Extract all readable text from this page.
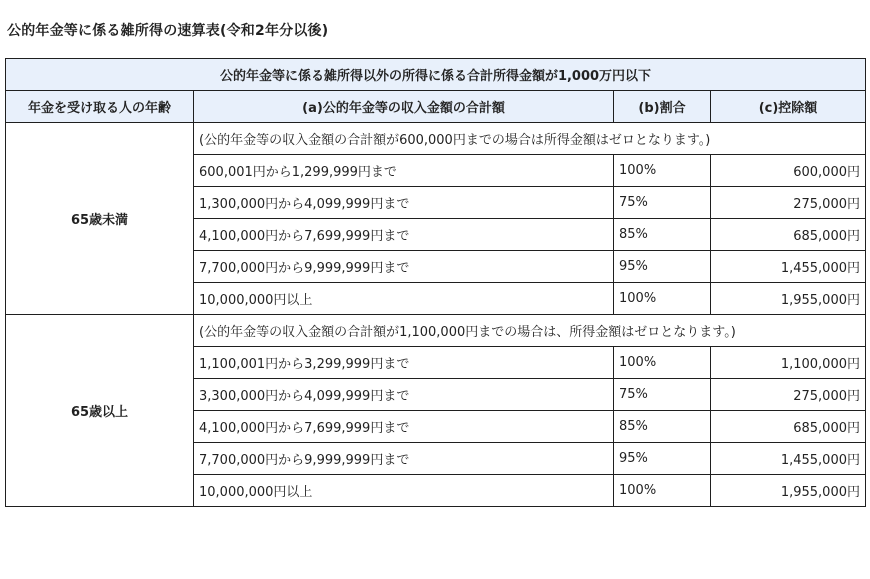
公的年金等に係る雑所得の速算表(令和2年分以後)
公的年金等に係る雑所得以外の所得に係る合計所得金額が1,000万円以下			
年金を受け取る人の年齢	(a)公的年金等の収入金額の合計額	(b)割合	(c)控除額
65歳未満	(公的年金等の収入金額の合計額が600,000円までの場合は所得金額はゼロとなります。)		
	600,001円から1,299,999円まで	100%	600,000円
	1,300,000円から4,099,999円まで	75%	275,000円
	4,100,000円から7,699,999円まで	85%	685,000円
	7,700,000円から9,999,999円まで	95%	1,455,000円
	10,000,000円以上	100%	1,955,000円
65歳以上	(公的年金等の収入金額の合計額が1,100,000円までの場合は、所得金額はゼロとなります。)		
	1,100,001円から3,299,999円まで	100%	1,100,000円
	3,300,000円から4,099,999円まで	75%	275,000円
	4,100,000円から7,699,999円まで	85%	685,000円
	7,700,000円から9,999,999円まで	95%	1,455,000円
	10,000,000円以上	100%	1,955,000円
